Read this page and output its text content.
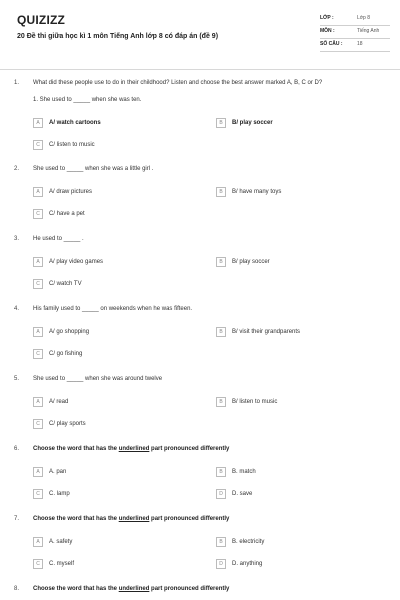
QUIZIZZ
20 Đề thi giữa học kì 1 môn Tiếng Anh lớp 8 có đáp án (đề 9)
LỚP :	Lớp 8
MÔN :	Tiếng Anh
SỐ CÂU :	18
1. What did these people use to do in their childhood? Listen and choose the best answer marked A, B, C or D?
1. She used to _____ when she was ten.
A	A/ watch cartoons	B	B/ play soccer
C	C/ listen to music
2. She used to _____ when she was a little girl .
A	A/ draw pictures	B	B/ have many toys
C	C/ have a pet
3. He used to _____ .
A	A/ play video games	B	B/ play soccer
C	C/ watch TV
4. His family used to _____ on weekends when he was fifteen.
A	A/ go shopping	B	B/ visit their grandparents
C	C/ go fishing
5. She used to _____ when she was around twelve
A	A/ read	B	B/ listen to music
C	C/ play sports
6. Choose the word that has the underlined part pronounced differently
A	A. pan	B	B. match
C	C. lamp	D	D. save
7. Choose the word that has the underlined part pronounced differently
A	A. safety	B	B. electricity
C	C. myself	D	D. anything
8. Choose the word that has the underlined part pronounced differently
